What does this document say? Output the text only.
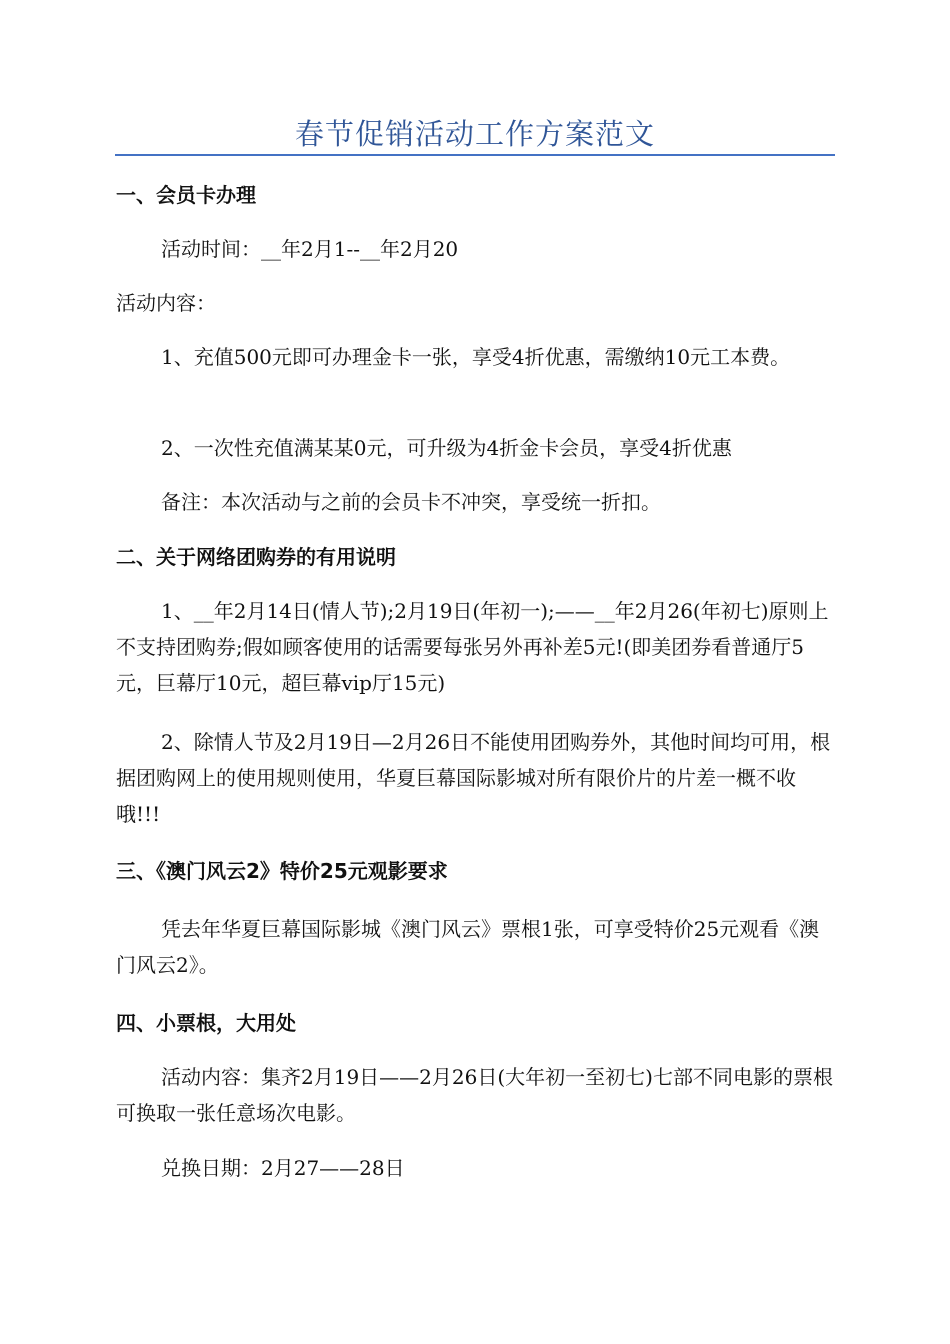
春节促销活动工作方案范文
一、会员卡办理
活动时间：__年2月1--__年2月20
活动内容：
1、充值500元即可办理金卡一张，享受4折优惠，需缴纳10元工本费。
2、一次性充值满某某0元，可升级为4折金卡会员，享受4折优惠
备注：本次活动与之前的会员卡不冲突，享受统一折扣。
二、关于网络团购券的有用说明
1、__年2月14日(情人节);2月19日(年初一);——__年2月26(年初七)原则上不支持团购券;假如顾客使用的话需要每张另外再补差5元!(即美团券看普通厅5元，巨幕厅10元，超巨幕vip厅15元)
2、除情人节及2月19日—2月26日不能使用团购券外，其他时间均可用，根据团购网上的使用规则使用，华夏巨幕国际影城对所有限价片的片差一概不收哦!!!
三、《澳门风云2》特价25元观影要求
凭去年华夏巨幕国际影城《澳门风云》票根1张，可享受特价25元观看《澳门风云2》。
四、小票根，大用处
活动内容：集齐2月19日——2月26日(大年初一至初七)七部不同电影的票根可换取一张任意场次电影。
兑换日期：2月27——28日
